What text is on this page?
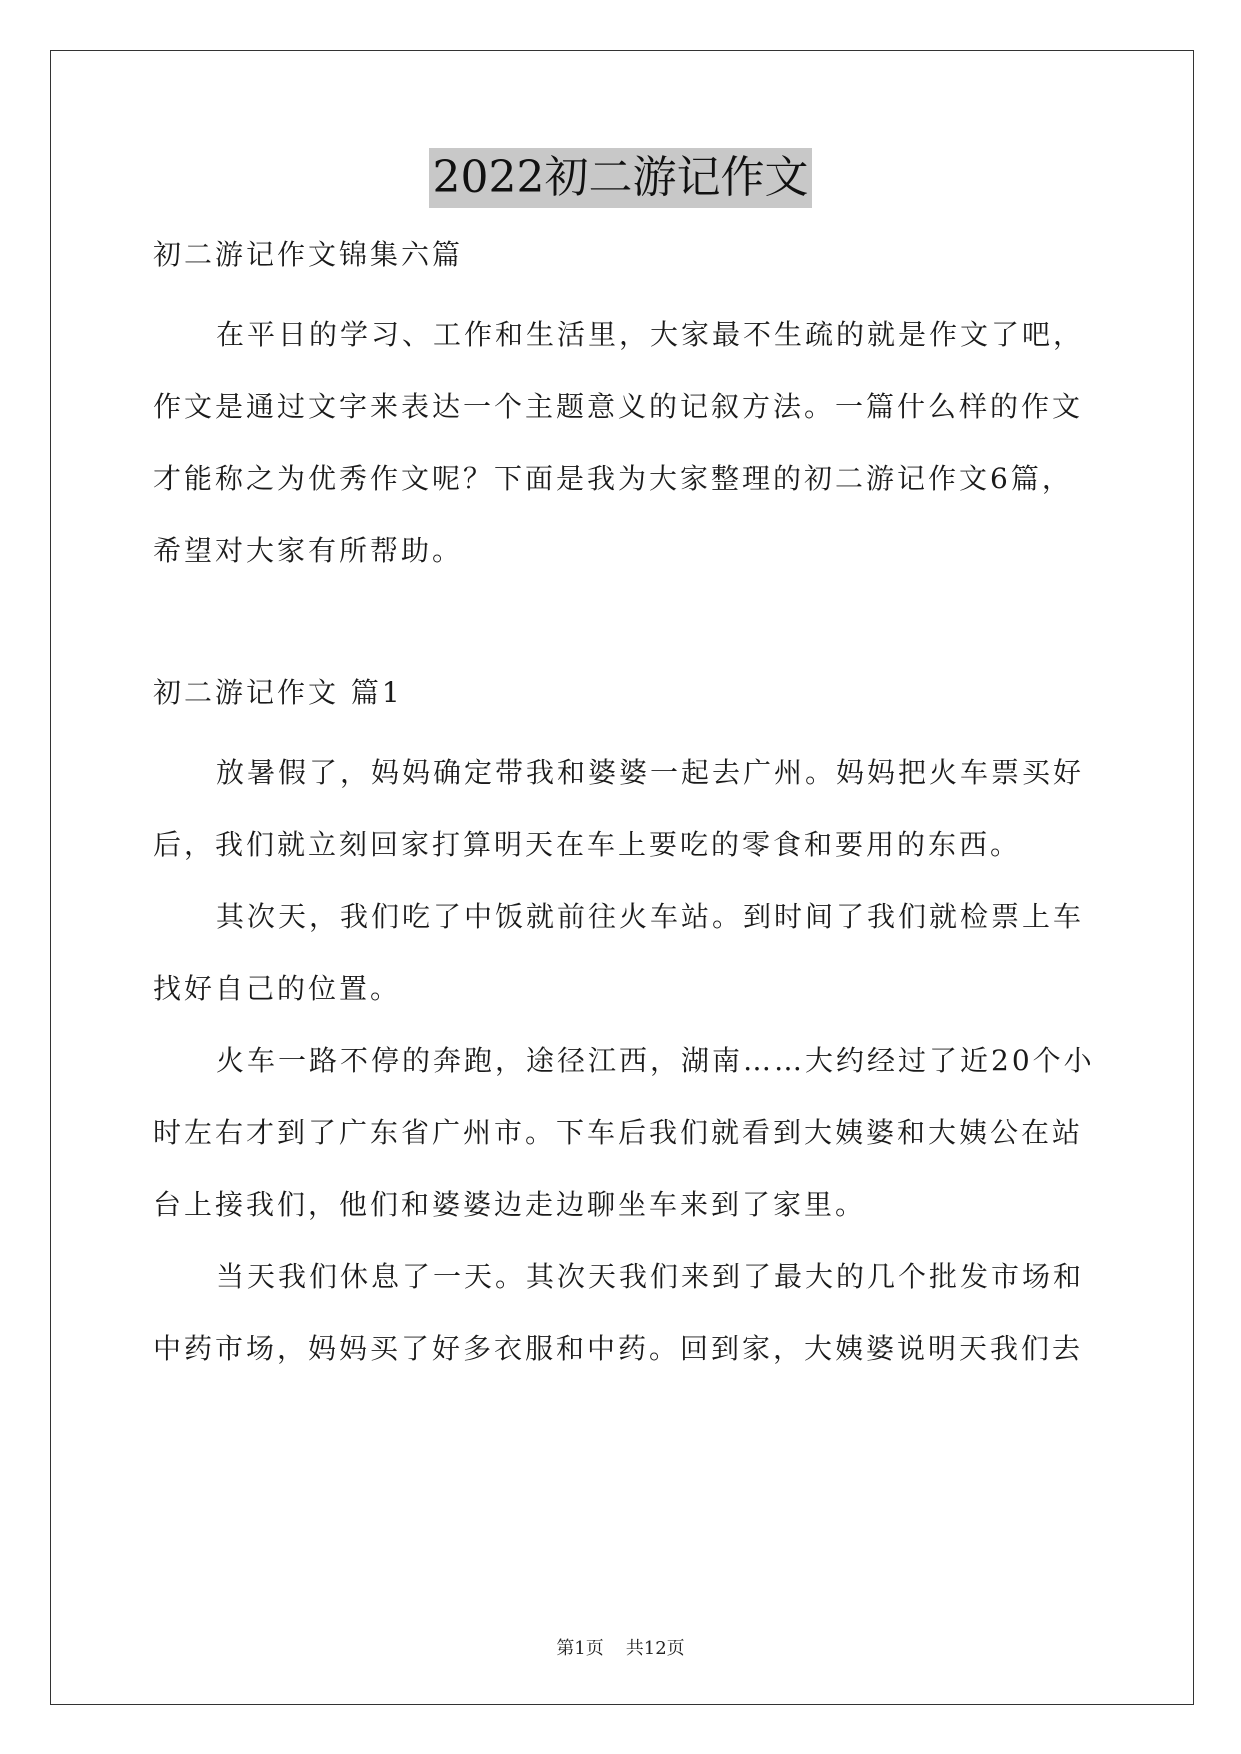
2022初二游记作文
初二游记作文锦集六篇
在平日的学习、工作和生活里，大家最不生疏的就是作文了吧，
作文是通过文字来表达一个主题意义的记叙方法。一篇什么样的作文
才能称之为优秀作文呢？下面是我为大家整理的初二游记作文6篇，
希望对大家有所帮助。
初二游记作文 篇1
放暑假了，妈妈确定带我和婆婆一起去广州。妈妈把火车票买好
后，我们就立刻回家打算明天在车上要吃的零食和要用的东西。
其次天，我们吃了中饭就前往火车站。到时间了我们就检票上车
找好自己的位置。
火车一路不停的奔跑，途径江西，湖南……大约经过了近20个小
时左右才到了广东省广州市。下车后我们就看到大姨婆和大姨公在站
台上接我们，他们和婆婆边走边聊坐车来到了家里。
当天我们休息了一天。其次天我们来到了最大的几个批发市场和
中药市场，妈妈买了好多衣服和中药。回到家，大姨婆说明天我们去
第1页 共12页
